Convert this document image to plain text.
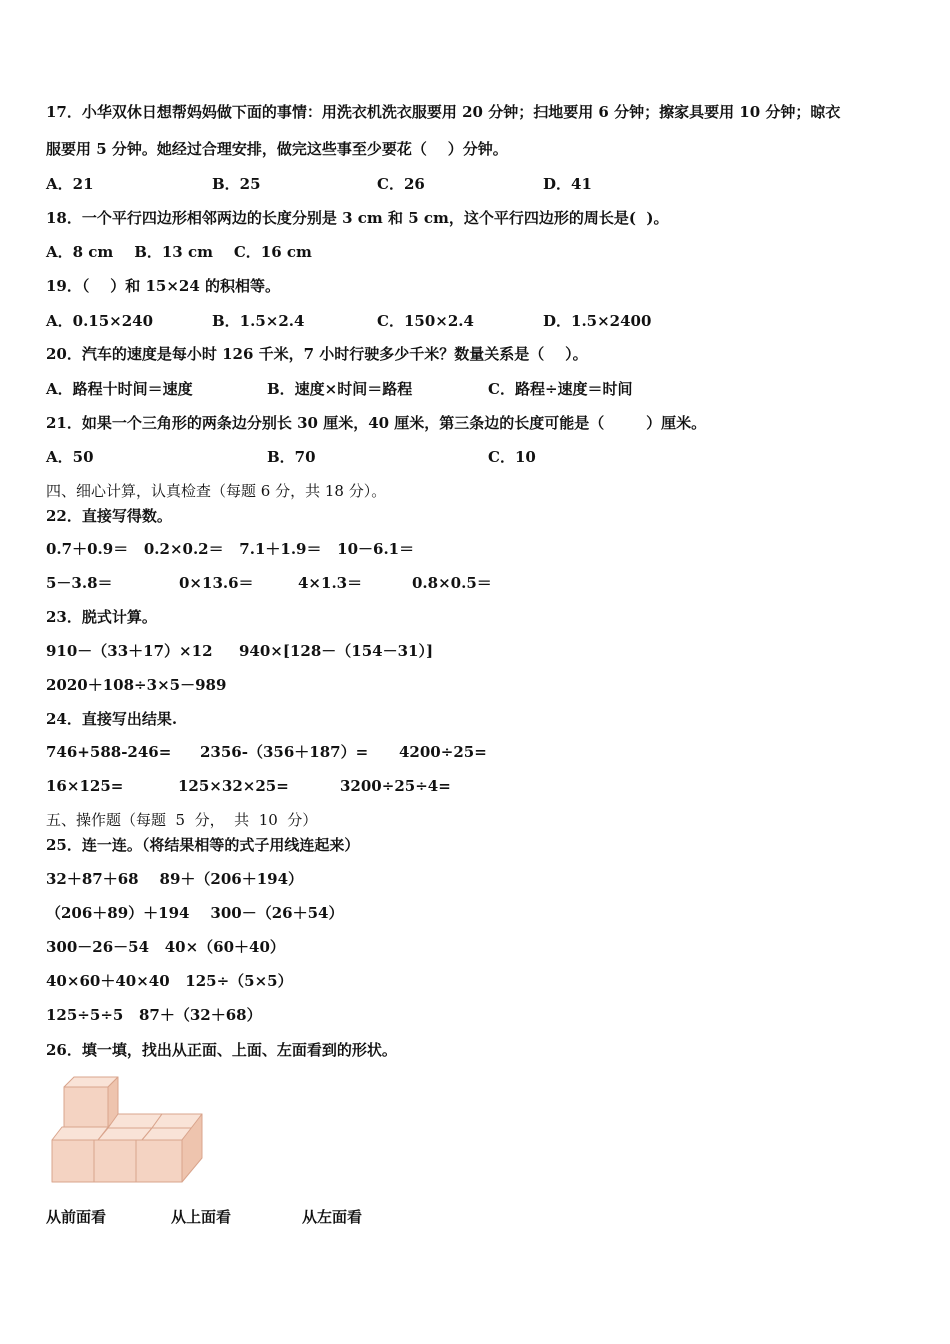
17．小华双休日想帮妈妈做下面的事情：用洗衣机洗衣服要用 20 分钟；扫地要用 6 分钟；擦家具要用 10 分钟；晾衣
服要用 5 分钟。她经过合理安排，做完这些事至少要花（    ）分钟。
A．21	B．25	C．26	D．41
18．一个平行四边形相邻两边的长度分别是 3 cm 和 5 cm，这个平行四边形的周长是(  )。
A．8 cm    B．13 cm    C．16 cm
19．（    ）和 15×24 的积相等。
A．0.15×240	B．1.5×2.4	C．150×2.4	D．1.5×2400
20．汽车的速度是每小时 126 千米，7 小时行驶多少千米？数量关系是（    ）。
A．路程十时间＝速度	B．速度×时间＝路程	C．路程÷速度＝时间
21．如果一个三角形的两条边分别长 30 厘米，40 厘米，第三条边的长度可能是（        ）厘米。
A．50	B．70	C．10
四、细心计算，认真检查（每题 6 分，共 18 分）。
22．直接写得数。
0.7＋0.9＝   0.2×0.2＝   7.1＋1.9＝   10－6.1＝
5－3.8＝	0×13.6＝	4×1.3＝	0.8×0.5＝
23．脱式计算。
910－（33＋17）×12 940×[128－（154－31）]
2020＋108÷3×5－989
24．直接写出结果.
746+588-246= 2356-（356＋187）= 4200÷25=
16×125=	125×32×25=	3200÷25÷4=
五、操作题（每题  5  分，  共  10  分）
25．连一连。（将结果相等的式子用线连起来）
32＋87＋68    89＋（206＋194）
（206＋89）＋194    300－（26＋54）
300－26－54   40×（60＋40）
40×60＋40×40   125÷（5×5）
125÷5÷5   87＋（32＋68）
26．填一填，找出从正面、上面、左面看到的形状。
从前面看	从上面看	从左面看
